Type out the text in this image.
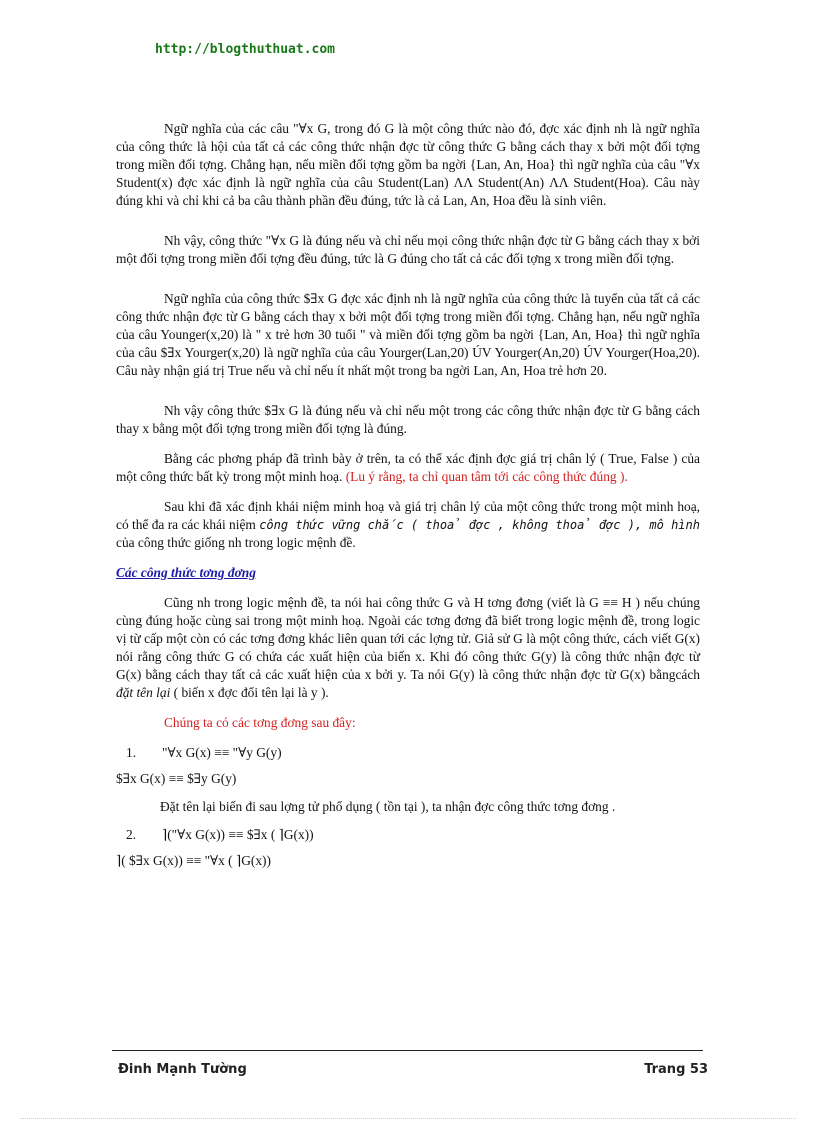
http://blogthuthuat.com

Ngữ nghĩa của các câu "∀x G, trong đó G là một công thức nào đó, đợc xác định nh là ngữ nghĩa của công thức là hội của tất cả các công thức nhận đợc từ công thức G bằng cách thay x bởi một đối tợng trong miền đối tợng. Chẳng hạn, nếu miền đối tợng gồm ba ngời {Lan, An, Hoa} thì ngữ nghĩa của câu "∀x Student(x) đợc xác định là ngữ nghĩa của câu Student(Lan) ΛΛ Student(An) ΛΛ Student(Hoa). Câu này đúng khi và chỉ khi cả ba câu thành phần đều đúng, tức là cả Lan, An, Hoa đều là sinh viên.

Nh vậy, công thức "∀x G là đúng nếu và chỉ nếu mọi công thức nhận đợc từ G bằng cách thay x bởi một đối tợng trong miền đối tợng đều đúng, tức là G đúng cho tất cả các đối tợng x trong miền đối tợng.

Ngữ nghĩa của công thức $∃x G đợc xác định nh là ngữ nghĩa của công thức là tuyển của tất cả các công thức nhận đợc từ G bằng cách thay x bởi một đối tợng trong miền đối tợng. Chẳng hạn, nếu ngữ nghĩa của câu Younger(x,20) là " x trẻ hơn 30 tuổi " và miền đối tợng gồm ba ngời {Lan, An, Hoa} thì ngữ nghĩa của câu $∃x Yourger(x,20) là ngữ nghĩa của câu Yourger(Lan,20) ÚV Yourger(An,20) ÚV Yourger(Hoa,20). Câu này nhận giá trị True nếu và chỉ nếu ít nhất một trong ba ngời Lan, An, Hoa trẻ hơn 20.

Nh vậy công thức $∃x G là đúng nếu và chỉ nếu một trong các công thức nhận đợc từ G bằng cách thay x bằng một đối tợng trong miền đối tợng là đúng.

Bằng các phơng pháp đã trình bày ở trên, ta có thể xác định đợc giá trị chân lý ( True, False ) của một công thức bất kỳ trong một minh hoạ. (Lu ý rằng, ta chỉ quan tâm tới các công thức đúng ).

Sau khi đã xác định khái niệm minh hoạ và giá trị chân lý của một công thức trong một minh hoạ, có thể đa ra các khái niệm công thức vững chắc ( thoả đợc , không thoả đợc ), mô hình của công thức giống nh trong logic mệnh đề.

Các công thức tơng đơng

Cũng nh trong logic mệnh đề, ta nói hai công thức G và H tơng đơng (viết là G ≡≡ H ) nếu chúng cùng đúng hoặc cùng sai trong một minh hoạ. Ngoài các tơng đơng đã biết trong logic mệnh đề, trong logic vị từ cấp một còn có các tơng đơng khác liên quan tới các lợng tử. Giả sử G là một công thức, cách viết G(x) nói rằng công thức G có chứa các xuất hiện của biến x. Khi đó công thức G(y) là công thức nhận đợc từ G(x) bằng cách thay tất cả các xuất hiện của x bởi y. Ta nói G(y) là công thức nhận đợc từ G(x) bằngcách đặt tên lại ( biến x đợc đổi tên lại là y ).

Chúng ta có các tơng đơng sau đây:

1. "∀x G(x) ≡≡ "∀y G(y)

$∃x G(x) ≡≡ $∃y G(y)

Đặt tên lại biến đi sau lợng tử phổ dụng ( tồn tại ), ta nhận đợc công thức tơng đơng .

2. ⌉("∀x G(x)) ≡≡ $∃x ( ⌉G(x))

⌉( $∃x G(x)) ≡≡ "∀x ( ⌉G(x))

Đinh Mạnh Tường	Trang 53
